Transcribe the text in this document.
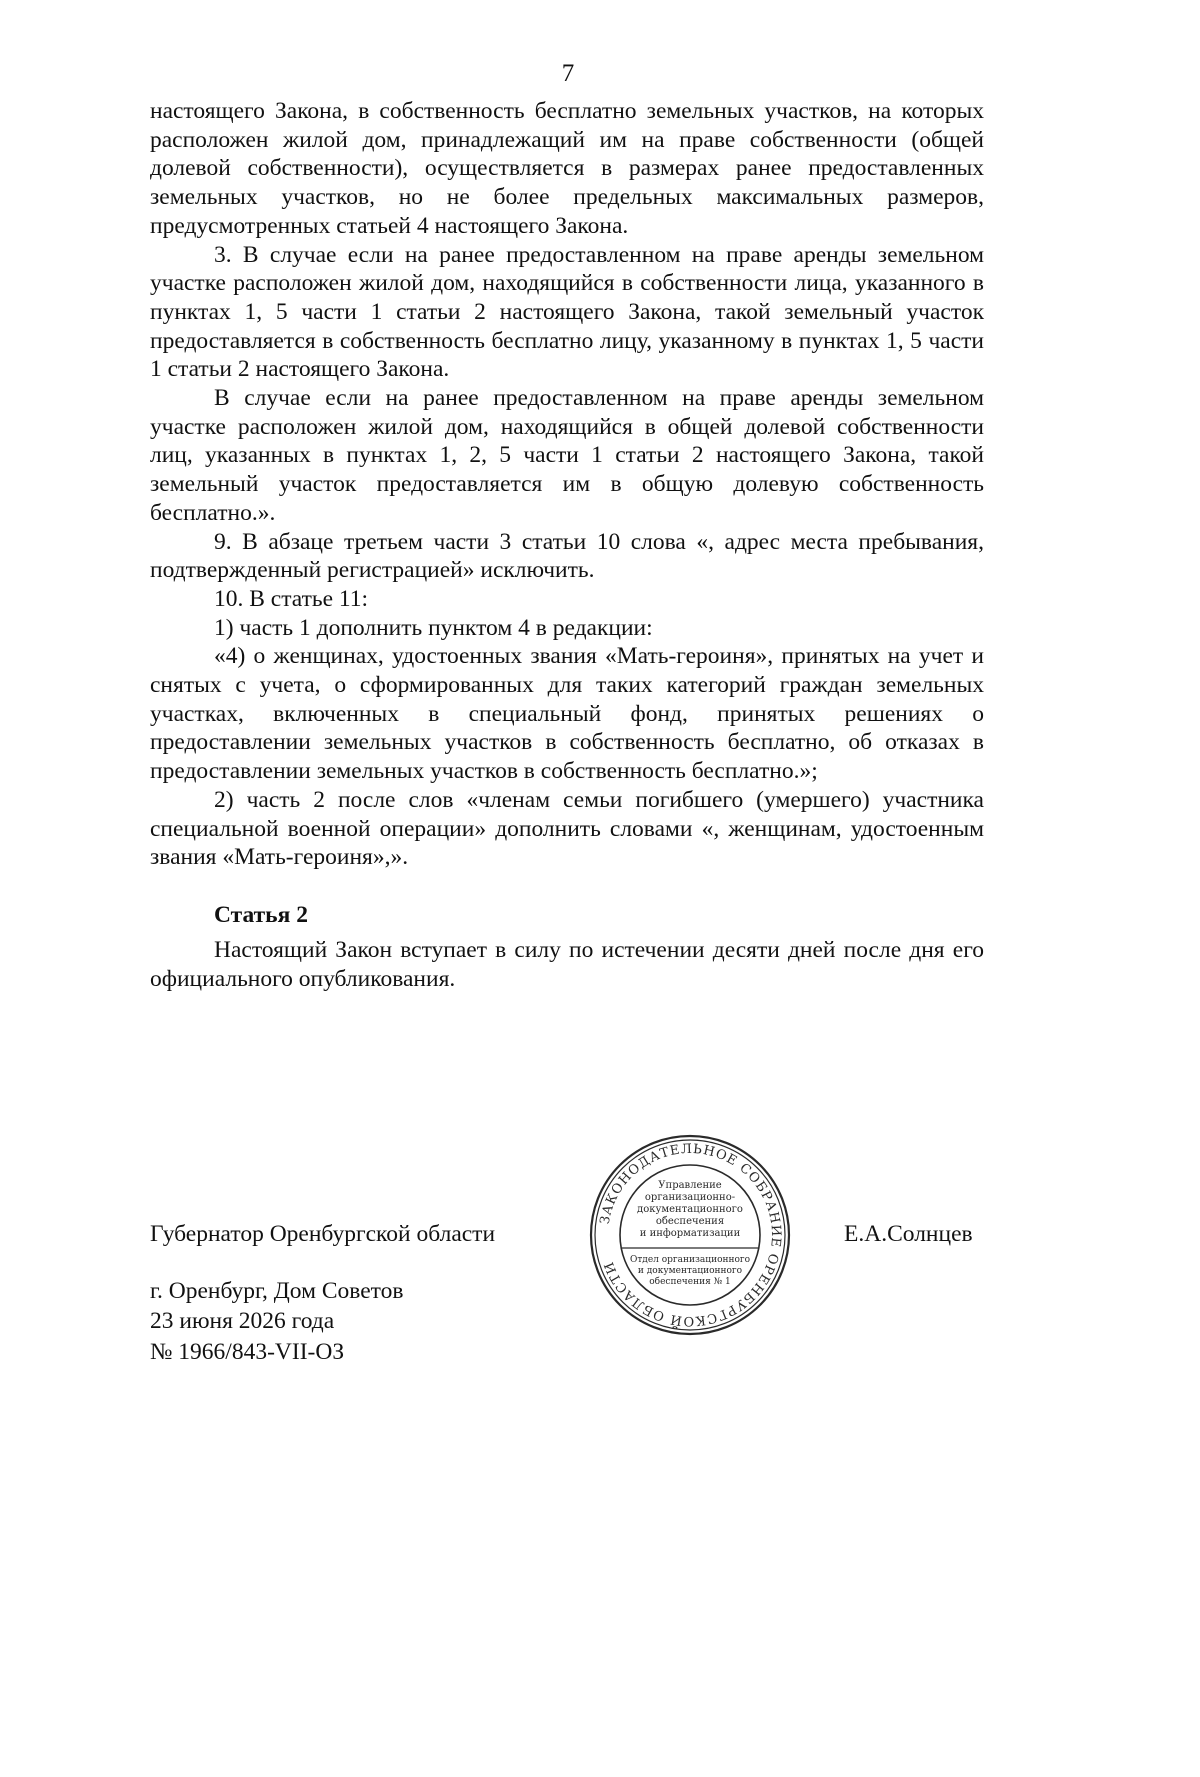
7

настоящего Закона, в собственность бесплатно земельных участков, на которых расположен жилой дом, принадлежащий им на праве собственности (общей долевой собственности), осуществляется в размерах ранее предоставленных земельных участков, но не более предельных максимальных размеров, предусмотренных статьей 4 настоящего Закона.

3. В случае если на ранее предоставленном на праве аренды земельном участке расположен жилой дом, находящийся в собственности лица, указанного в пунктах 1, 5 части 1 статьи 2 настоящего Закона, такой земельный участок предоставляется в собственность бесплатно лицу, указанному в пунктах 1, 5 части 1 статьи 2 настоящего Закона.

В случае если на ранее предоставленном на праве аренды земельном участке расположен жилой дом, находящийся в общей долевой собственности лиц, указанных в пунктах 1, 2, 5 части 1 статьи 2 настоящего Закона, такой земельный участок предоставляется им в общую долевую собственность бесплатно.».

9. В абзаце третьем части 3 статьи 10 слова «, адрес места пребывания, подтвержденный регистрацией» исключить.

10. В статье 11:

1) часть 1 дополнить пунктом 4 в редакции:

«4) о женщинах, удостоенных звания «Мать-героиня», принятых на учет и снятых с учета, о сформированных для таких категорий граждан земельных участках, включенных в специальный фонд, принятых решениях о предоставлении земельных участков в собственность бесплатно, об отказах в предоставлении земельных участков в собственность бесплатно.»;

2) часть 2 после слов «членам семьи погибшего (умершего) участника специальной военной операции» дополнить словами «, женщинам, удостоенным звания «Мать-героиня»,».

Статья 2
Настоящий Закон вступает в силу по истечении десяти дней после дня его официального опубликования.
Губернатор Оренбургской области	Е.А.Солнцев
г. Оренбург, Дом Советов
23 июня 2026 года
№ 1966/843-VII-ОЗ
ЗАКОНОДАТЕЛЬНОЕ СОБРАНИЕ ОРЕНБУРГСКОЙ ОБЛАСТИ
Управление
организационно-
документационного
обеспечения
и информатизации
Отдел организационного
и документационного
обеспечения № 1
